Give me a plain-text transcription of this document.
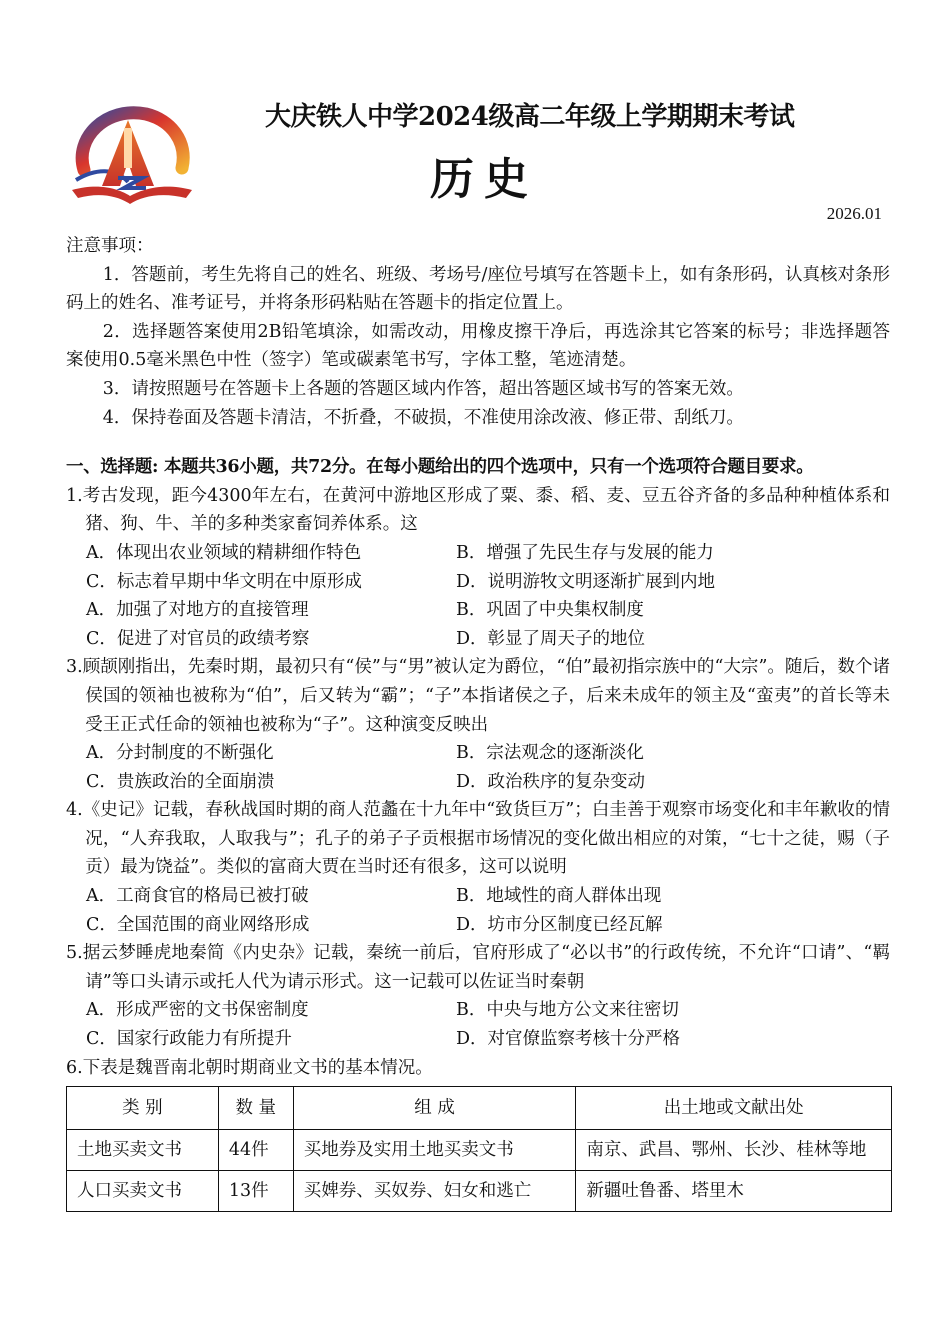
大庆铁人中学2024级高二年级上学期期末考试
历史
2026.01

注意事项：

1．答题前，考生先将自己的姓名、班级、考场号/座位号填写在答题卡上，如有条形码，认真核对条形码上的姓名、准考证号，并将条形码粘贴在答题卡的指定位置上。

2．选择题答案使用2B铅笔填涂，如需改动，用橡皮擦干净后，再选涂其它答案的标号；非选择题答案使用0.5毫米黑色中性（签字）笔或碳素笔书写，字体工整，笔迹清楚。

3．请按照题号在答题卡上各题的答题区域内作答，超出答题区域书写的答案无效。

4．保持卷面及答题卡清洁，不折叠，不破损，不准使用涂改液、修正带、刮纸刀。

一、选择题: 本题共36小题，共72分。在每小题给出的四个选项中，只有一个选项符合题目要求。

1.考古发现，距今4300年左右，在黄河中游地区形成了粟、黍、稻、麦、豆五谷齐备的多品种种植体系和猪、狗、牛、羊的多种类家畜饲养体系。这

A．体现出农业领域的精耕细作特色	B．增强了先民生存与发展的能力
C．标志着早期中华文明在中原形成	D．说明游牧文明逐渐扩展到内地
A．加强了对地方的直接管理	B．巩固了中央集权制度
C．促进了对官员的政绩考察	D．彰显了周天子的地位

3.顾颉刚指出，先秦时期，最初只有“侯”与“男”被认定为爵位，“伯”最初指宗族中的“大宗”。随后，数个诸侯国的领袖也被称为“伯”，后又转为“霸”；“子”本指诸侯之子，后来未成年的领主及“蛮夷”的首长等未受王正式任命的领袖也被称为“子”。这种演变反映出

A．分封制度的不断强化	B．宗法观念的逐渐淡化
C．贵族政治的全面崩溃	D．政治秩序的复杂变动

4.《史记》记载，春秋战国时期的商人范蠡在十九年中“致货巨万”；白圭善于观察市场变化和丰年歉收的情况，“人弃我取，人取我与”；孔子的弟子子贡根据市场情况的变化做出相应的对策，“七十之徒，赐（子贡）最为饶益”。类似的富商大贾在当时还有很多，这可以说明

A．工商食官的格局已被打破	B．地域性的商人群体出现
C．全国范围的商业网络形成	D．坊市分区制度已经瓦解

5.据云梦睡虎地秦简《内史杂》记载，秦统一前后，官府形成了“必以书”的行政传统，不允许“口请”、“羁请”等口头请示或托人代为请示形式。这一记载可以佐证当时秦朝

A．形成严密的文书保密制度	B．中央与地方公文来往密切
C．国家行政能力有所提升	D．对官僚监察考核十分严格

6.下表是魏晋南北朝时期商业文书的基本情况。

类 别	数 量	组 成	出土地或文献出处
土地买卖文书	44件	买地券及实用土地买卖文书	南京、武昌、鄂州、长沙、桂林等地
人口买卖文书	13件	买婢券、买奴券、妇女和逃亡	新疆吐鲁番、塔里木
